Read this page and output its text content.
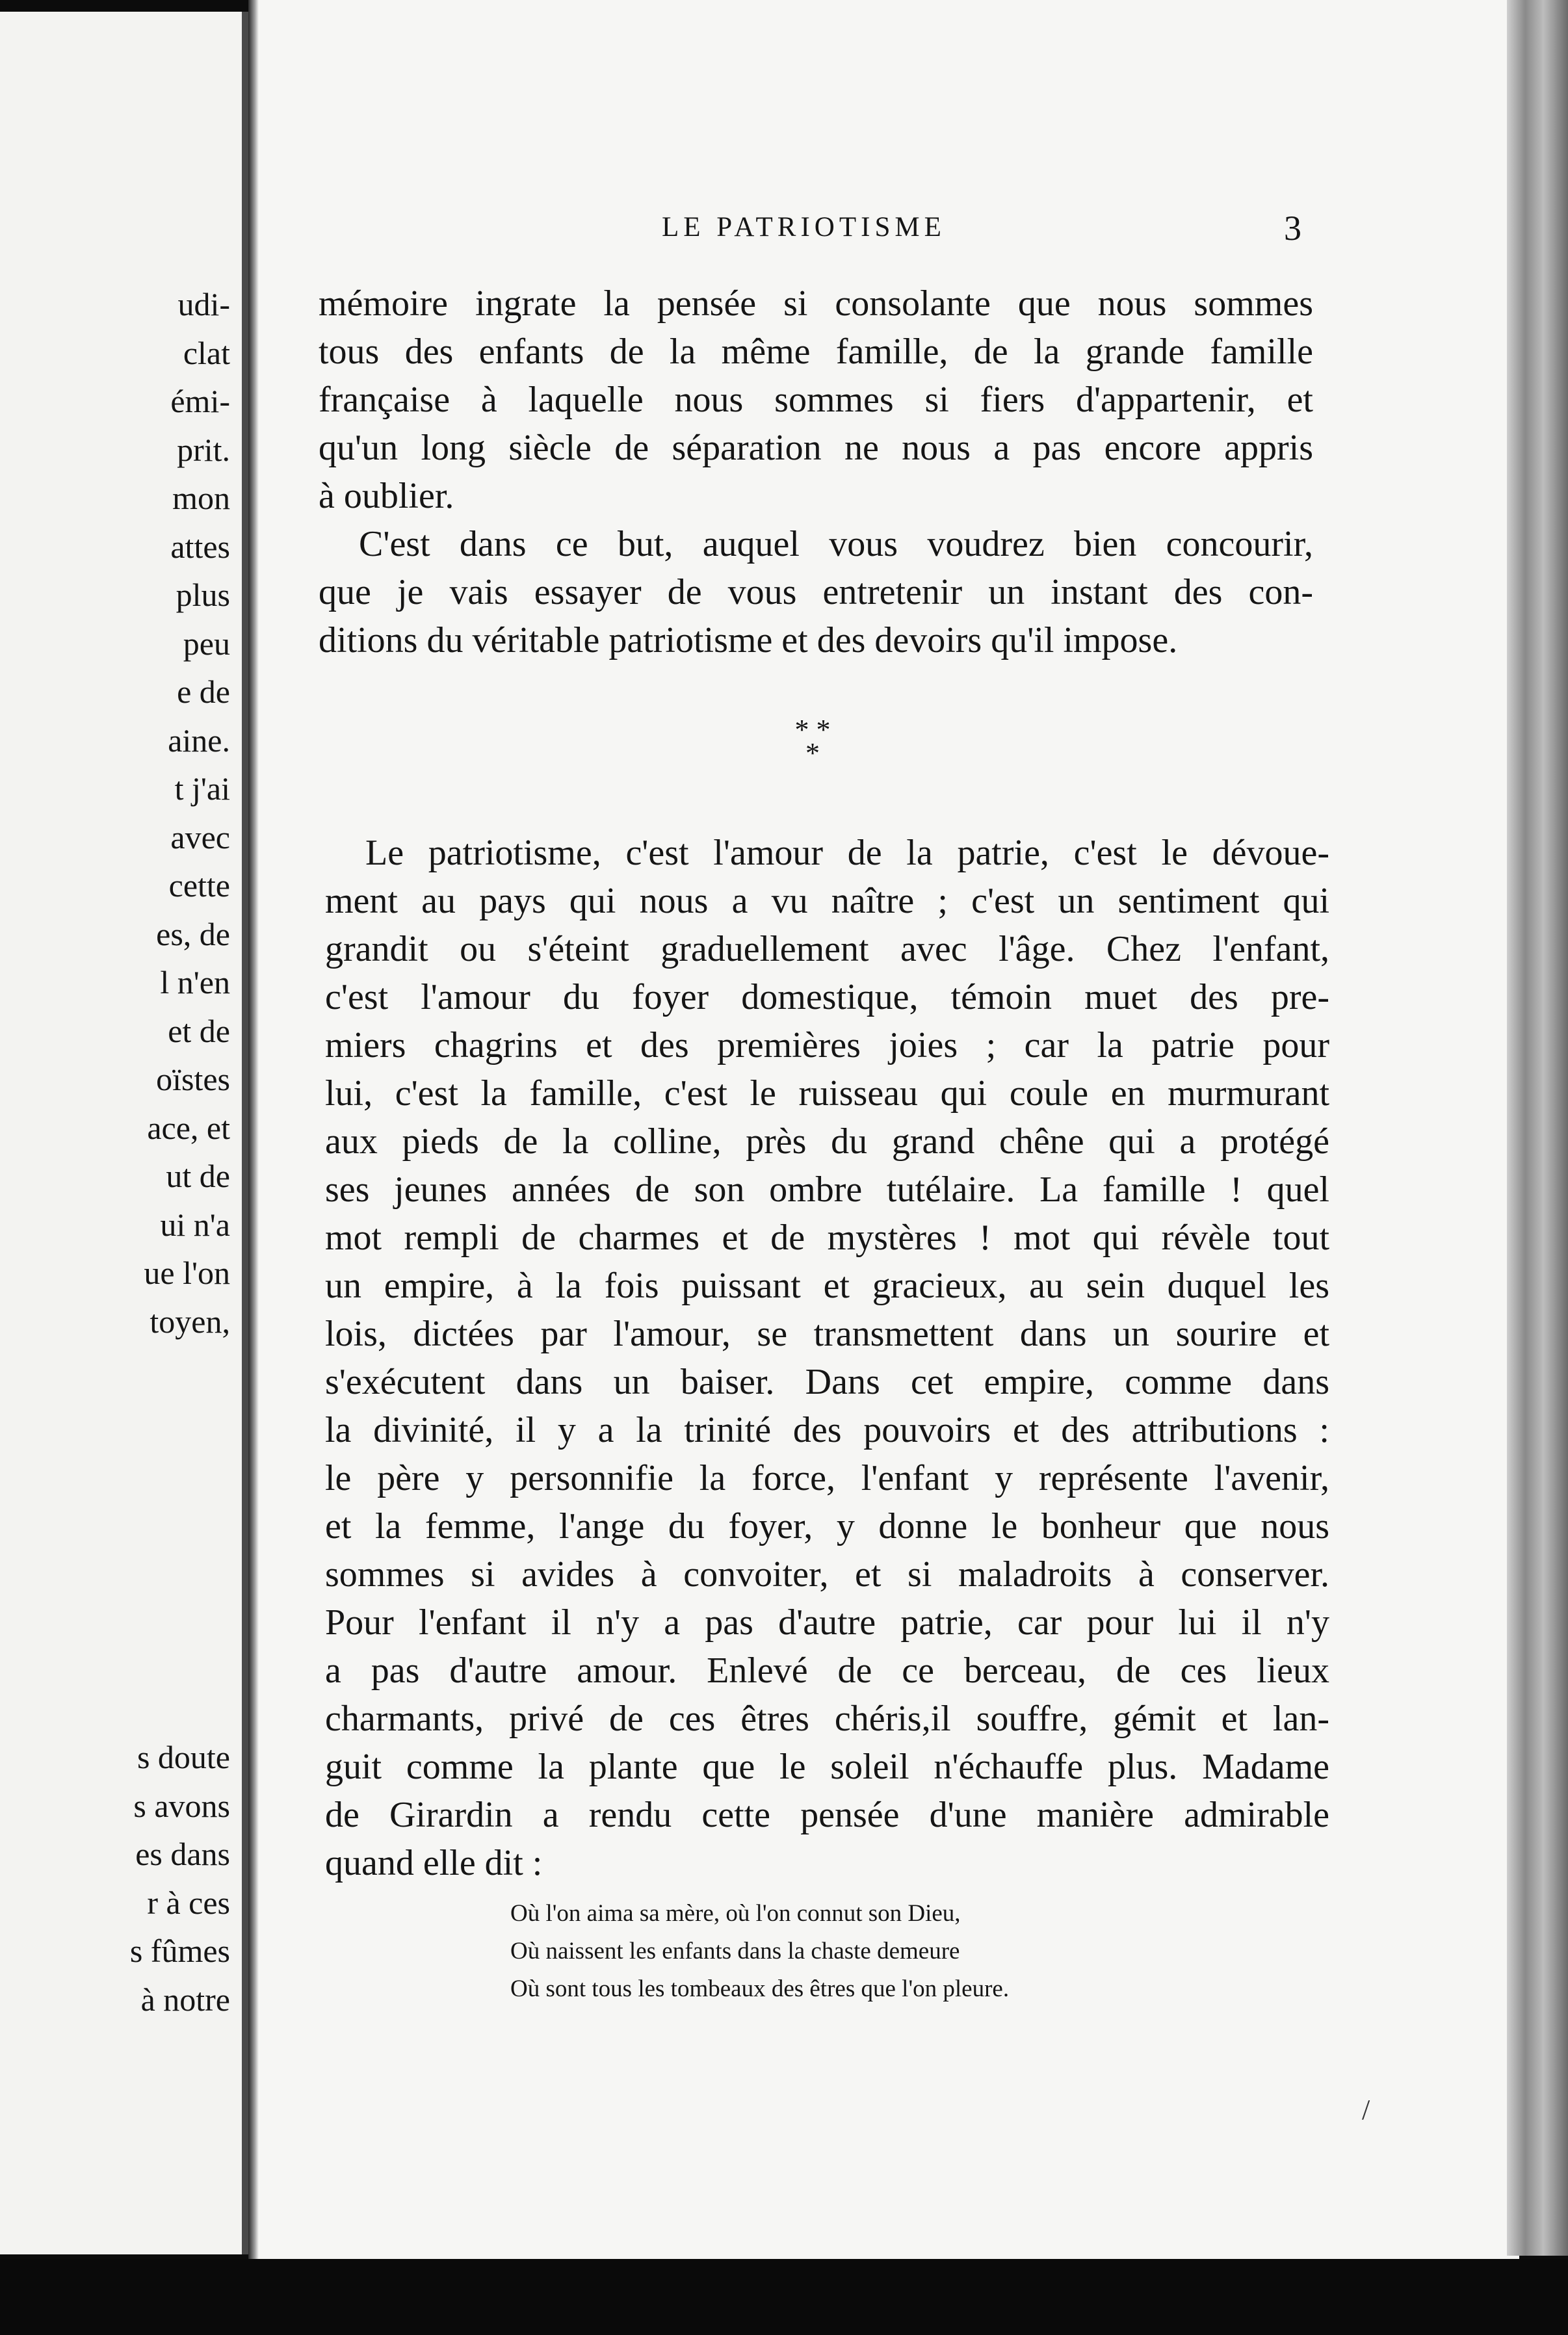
udi-
clat
émi-
prit.
mon
attes
plus
peu
e de
aine.
t j'ai
avec
cette
es, de
l n'en
et de
oïstes
ace, et
ut de
ui n'a
ue l'on
toyen,
s doute
s avons
es dans
r à ces
s fûmes
à notre
LE PATRIOTISME	3
mémoire ingrate la pensée si consolante que nous sommes
tous des enfants de la même famille, de la grande famille
française à laquelle nous sommes si fiers d'appartenir, et
qu'un long siècle de séparation ne nous a pas encore appris
à oublier.
C'est dans ce but, auquel vous voudrez bien concourir,
que je vais essayer de vous entretenir un instant des con-
ditions du véritable patriotisme et des devoirs qu'il impose.
* *
*
Le patriotisme, c'est l'amour de la patrie, c'est le dévoue-
ment au pays qui nous a vu naître ; c'est un sentiment qui
grandit ou s'éteint graduellement avec l'âge. Chez l'enfant,
c'est l'amour du foyer domestique, témoin muet des pre-
miers chagrins et des premières joies ; car la patrie pour
lui, c'est la famille, c'est le ruisseau qui coule en murmurant
aux pieds de la colline, près du grand chêne qui a protégé
ses jeunes années de son ombre tutélaire. La famille ! quel
mot rempli de charmes et de mystères ! mot qui révèle tout
un empire, à la fois puissant et gracieux, au sein duquel les
lois, dictées par l'amour, se transmettent dans un sourire et
s'exécutent dans un baiser. Dans cet empire, comme dans
la divinité, il y a la trinité des pouvoirs et des attributions :
le père y personnifie la force, l'enfant y représente l'avenir,
et la femme, l'ange du foyer, y donne le bonheur que nous
sommes si avides à convoiter, et si maladroits à conserver.
Pour l'enfant il n'y a pas d'autre patrie, car pour lui il n'y
a pas d'autre amour. Enlevé de ce berceau, de ces lieux
charmants, privé de ces êtres chéris,il souffre, gémit et lan-
guit comme la plante que le soleil n'échauffe plus. Madame
de Girardin a rendu cette pensée d'une manière admirable
quand elle dit :
Où l'on aima sa mère, où l'on connut son Dieu,
Où naissent les enfants dans la chaste demeure
Où sont tous les tombeaux des êtres que l'on pleure.
/
